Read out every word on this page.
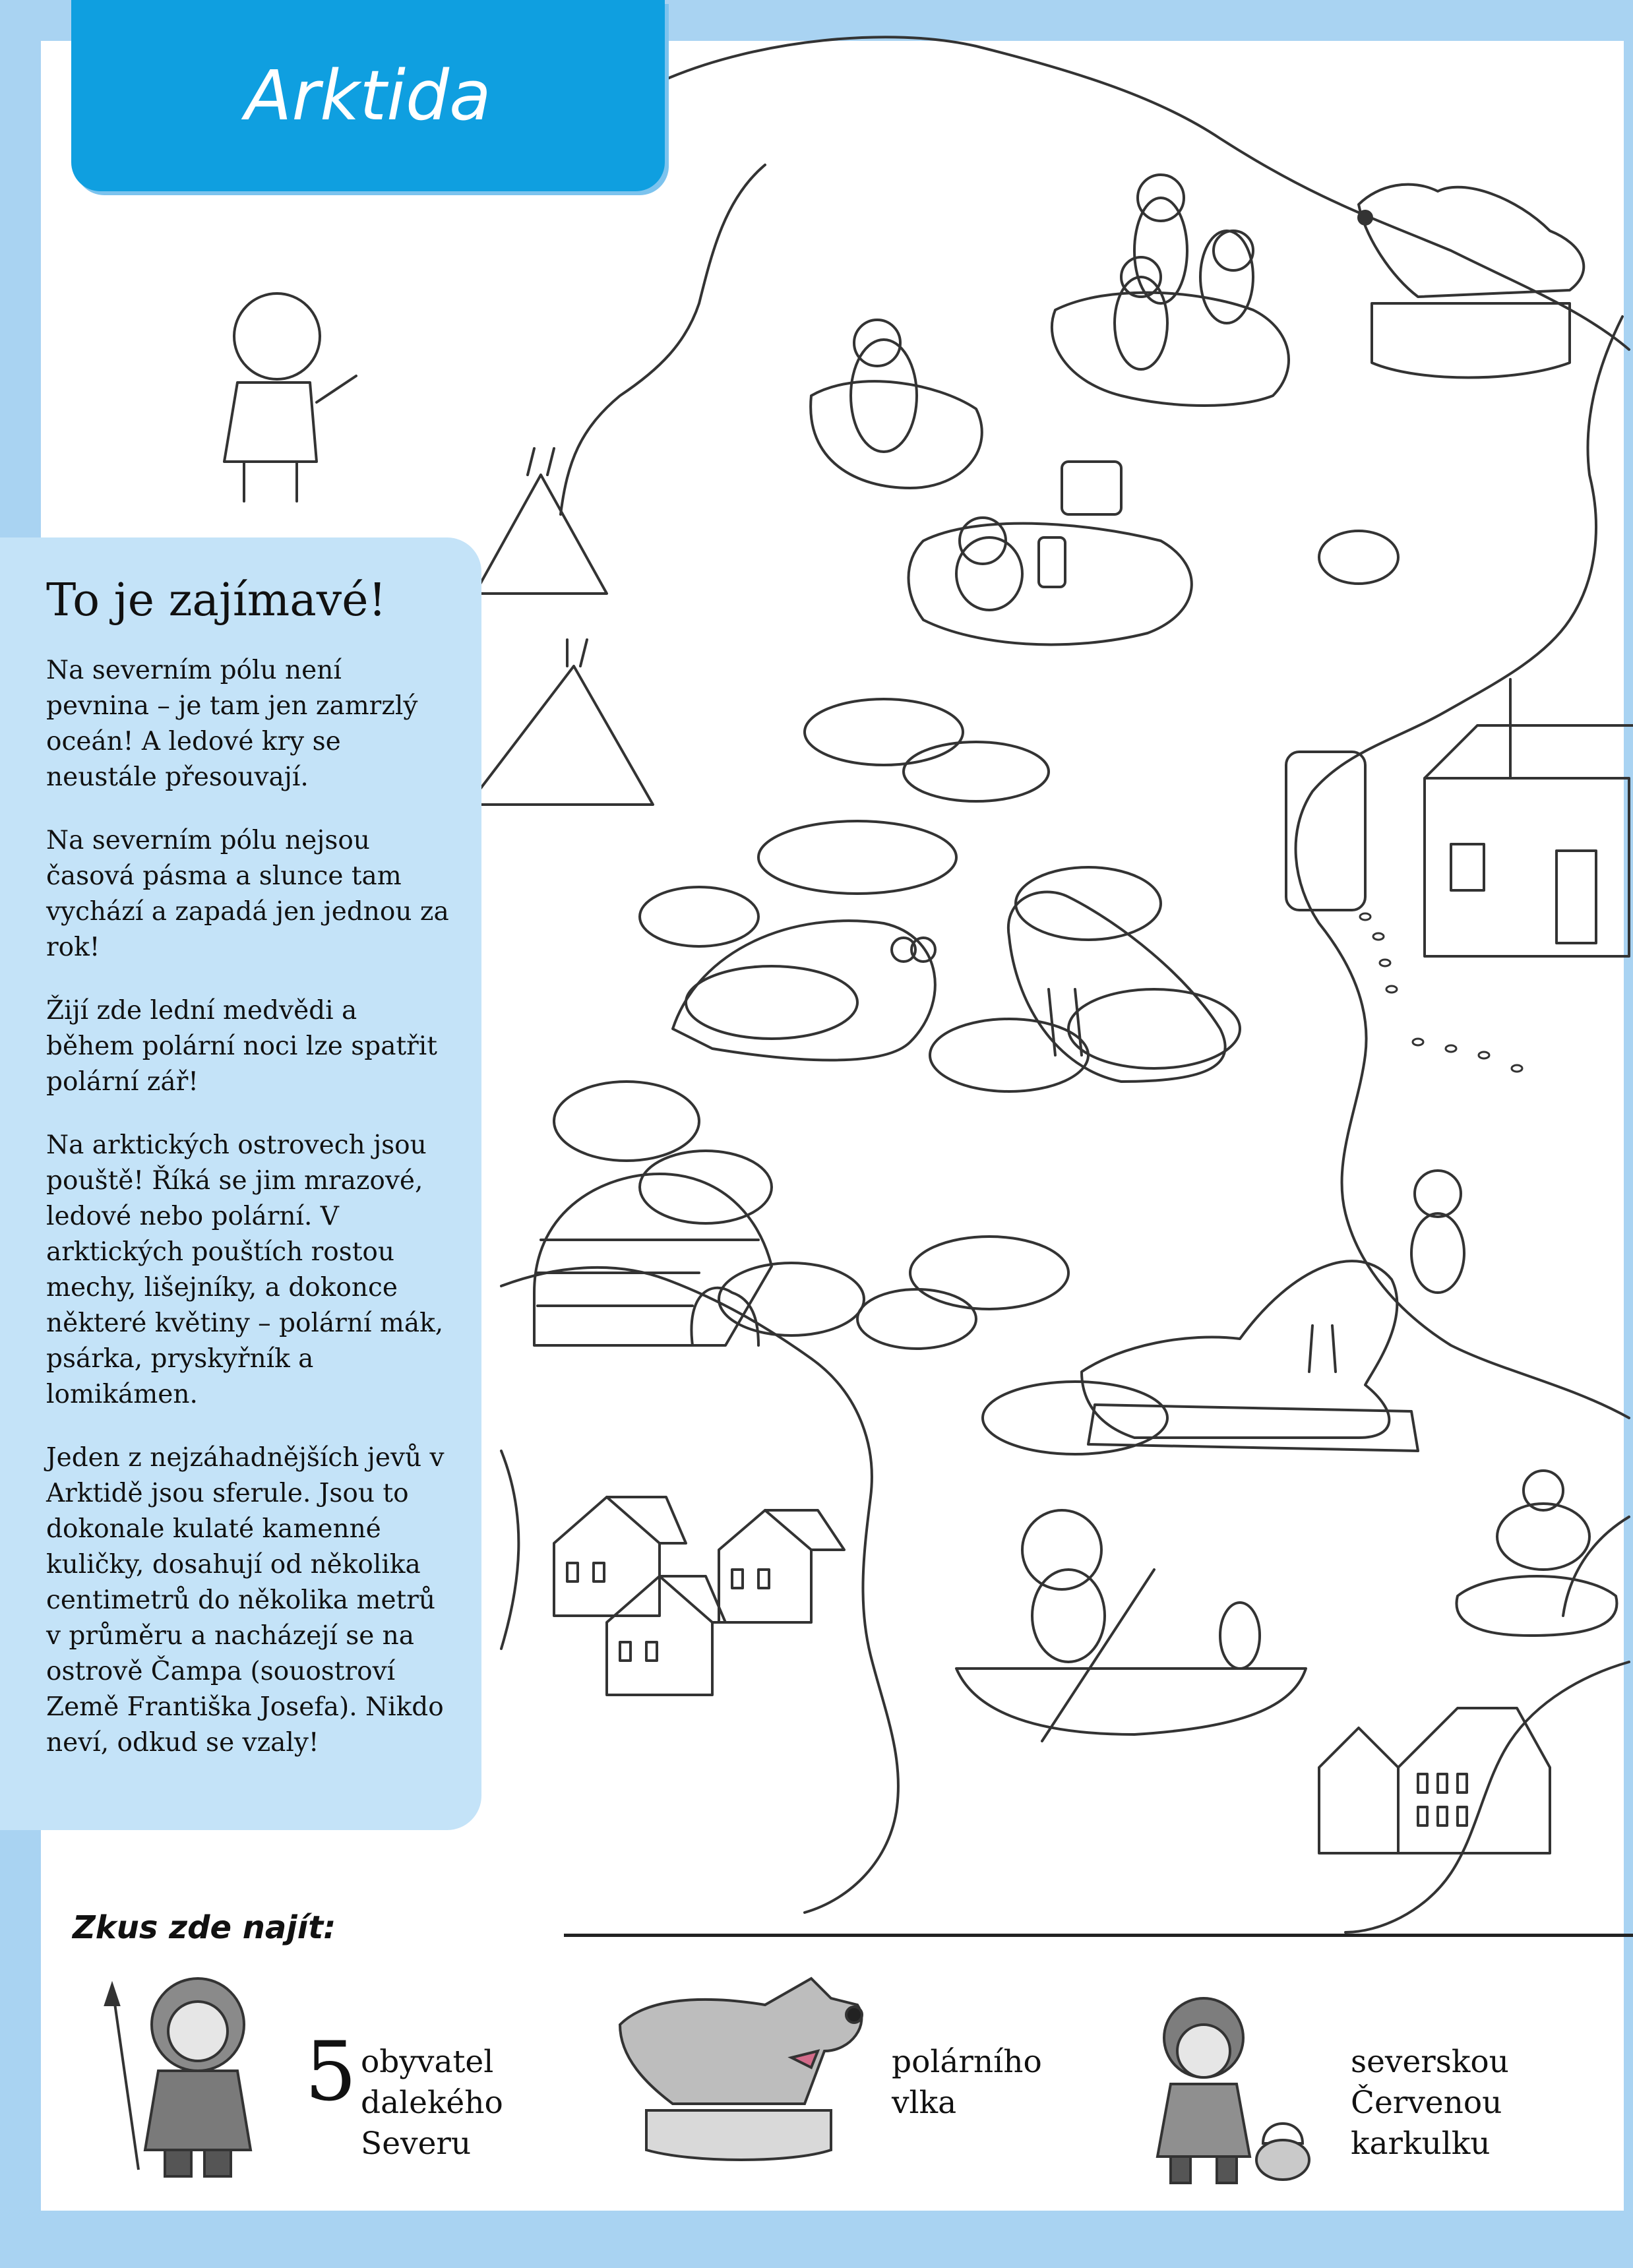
Arktida
To je zajímavé!

Na severním pólu není pevnina – je tam jen zamrzlý oceán! A ledové kry se neustále přesouvají.

Na severním pólu nejsou časová pásma a slunce tam vychází a zapadá jen jednou za rok!

Žijí zde lední medvědi a během polární noci lze spatřit polární zář!

Na arktických ostrovech jsou pouště! Říká se jim mrazové, ledové nebo polární. V arktických pouštích rostou mechy, lišejníky, a dokonce některé květiny – polární mák, psárka, pryskyřník a lomikámen.

Jeden z nejzáhadnějších jevů v Arktidě jsou sferule. Jsou to dokonale kulaté kamenné kuličky, dosahují od několika centimetrů do několika metrů v průměru a nacházejí se na ostrově Čampa (souostroví Země Františka Josefa). Nikdo neví, odkud se vzaly!

Zkus zde najít:
5 obyvatel dalekého Severu
polárního vlka
severskou Červenou karkulku
